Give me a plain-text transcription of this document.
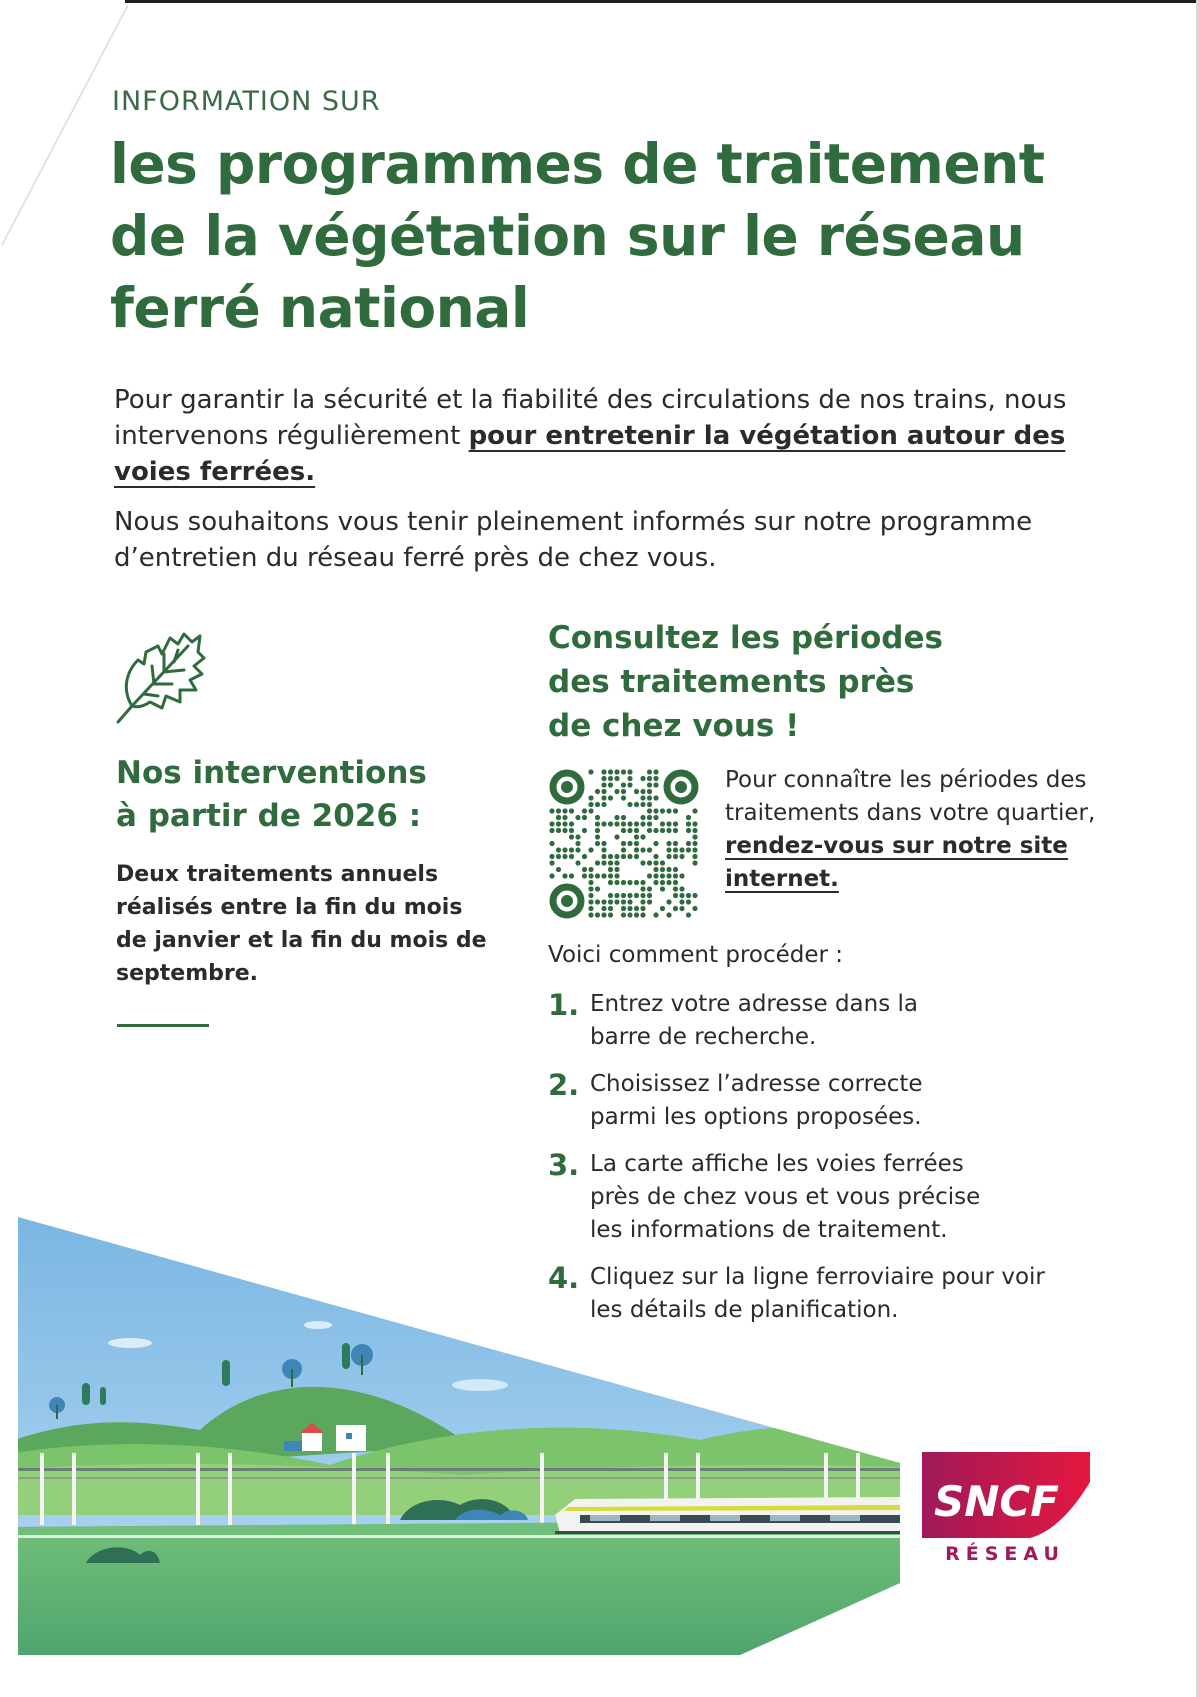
INFORMATION SUR
les programmes de traitement
de la végétation sur le réseau
ferré national

Pour garantir la sécurité et la fiabilité des circulations de nos trains, nous intervenons régulièrement pour entretenir la végétation autour des voies ferrées.

Nous souhaitons vous tenir pleinement informés sur notre programme d’entretien du réseau ferré près de chez vous.

Nos interventions
à partir de 2026 :

Deux traitements annuels réalisés entre la fin du mois de janvier et la fin du mois de septembre.

Consultez les périodes
des traitements près
de chez vous !

Pour connaître les périodes des traitements dans votre quartier, rendez-vous sur notre site internet.

Voici comment procéder :
1. Entrez votre adresse dans la barre de recherche.
2. Choisissez l’adresse correcte parmi les options proposées.
3. La carte affiche les voies ferrées près de chez vous et vous précise les informations de traitement.
4. Cliquez sur la ligne ferroviaire pour voir les détails de planification.
SNCF
RÉSEAU
